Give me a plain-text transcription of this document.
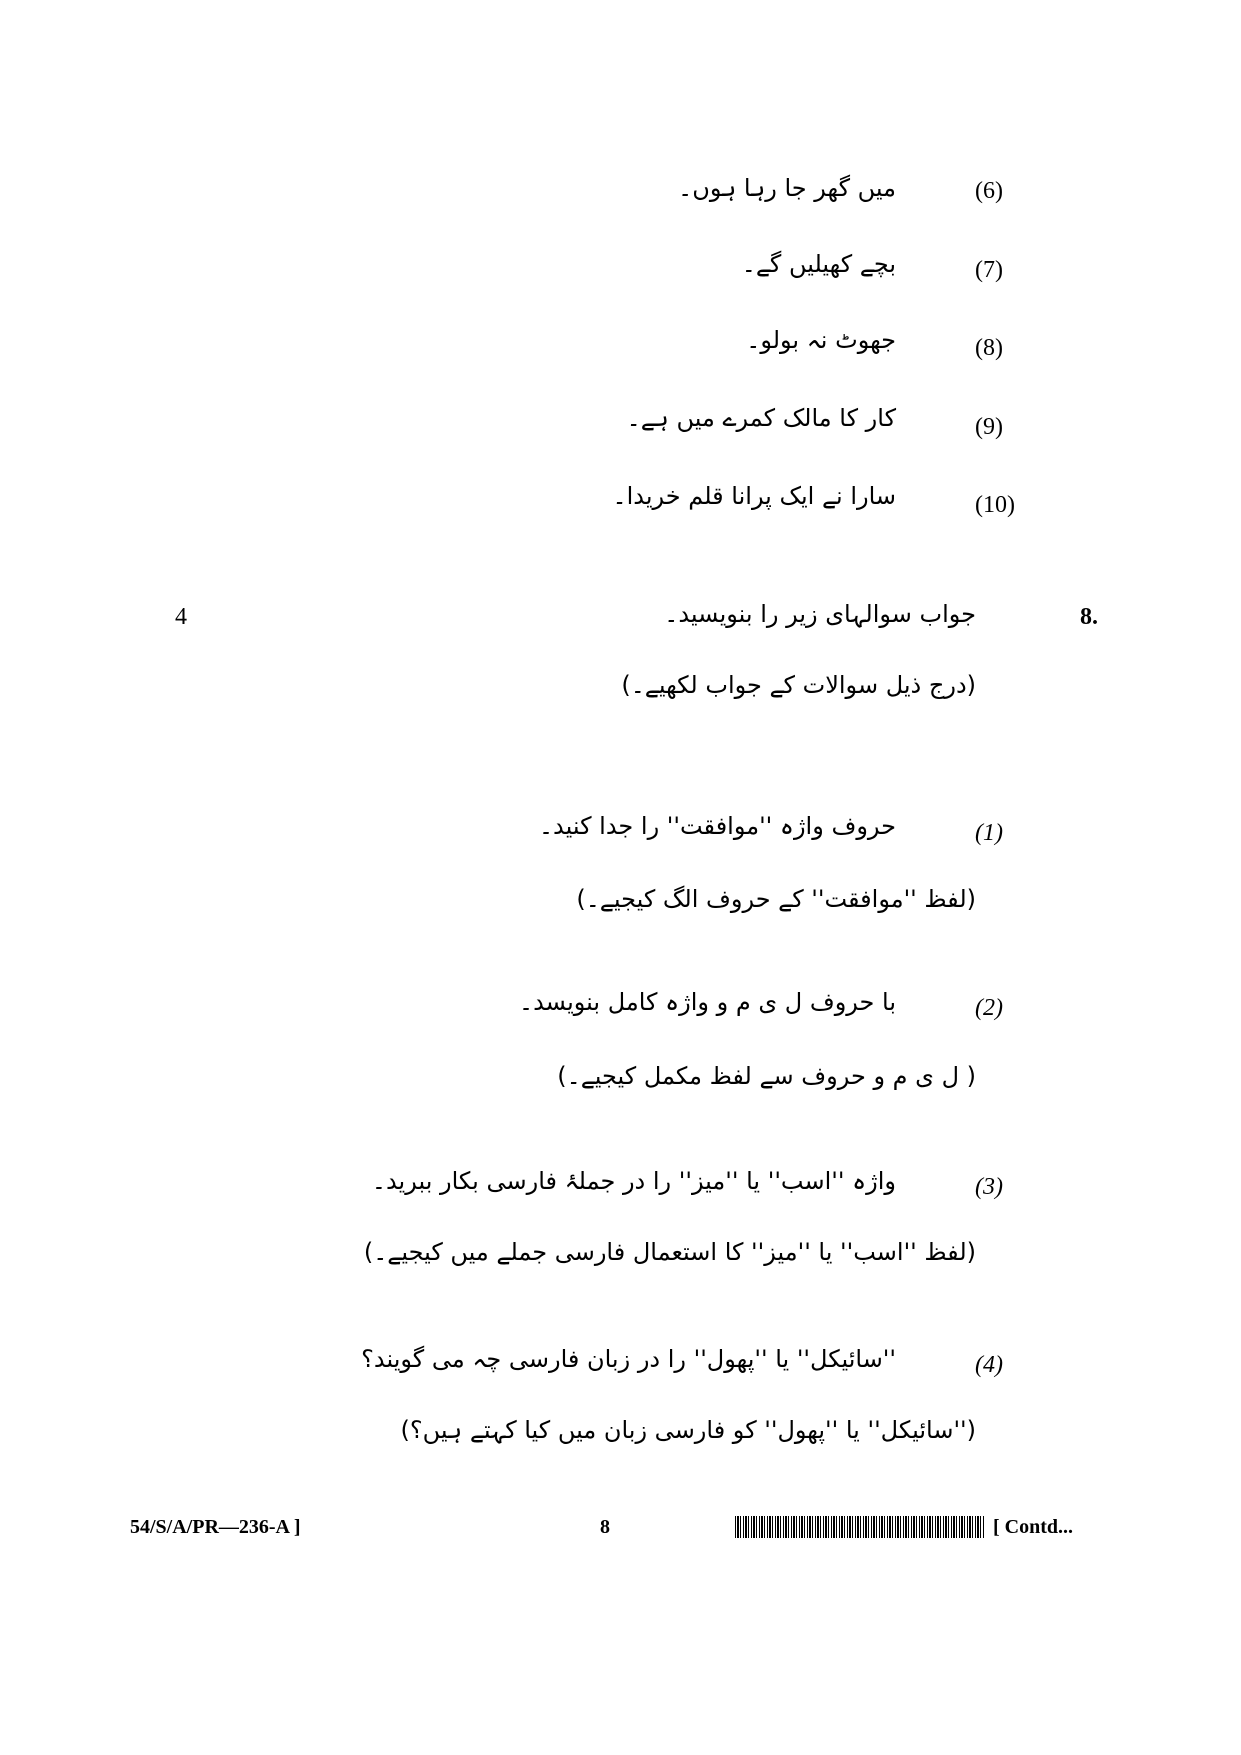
میں گھر جا رہا ہوں۔	(6)
بچے کھیلیں گے۔	(7)
جھوٹ نہ بولو۔	(8)
کار کا مالک کمرے میں ہے۔	(9)
سارا نے ایک پرانا قلم خریدا۔	(10)
4	جواب سوالہای زیر را بنویسید۔	8.
(درج ذیل سوالات کے جواب لکھیے۔)
(1)
حروف واژہ ''موافقت'' را جدا کنید۔
(لفظ ''موافقت'' کے حروف الگ کیجیے۔)
(2)
با حروف ل ی م و واژہ کامل بنویسد۔
( ل ی م و حروف سے لفظ مکمل کیجیے۔)
(3)
واژہ ''اسب'' یا ''میز'' را در جملۂ فارسی بکار ببرید۔
(لفظ ''اسب'' یا ''میز'' کا استعمال فارسی جملے میں کیجیے۔)
(4)
''سائیکل'' یا ''پھول'' را در زبان فارسی چہ می گویند؟
(''سائیکل'' یا ''پھول'' کو فارسی زبان میں کیا کہتے ہیں؟)
54/S/A/PR—236-A ]	8	[ Contd...
